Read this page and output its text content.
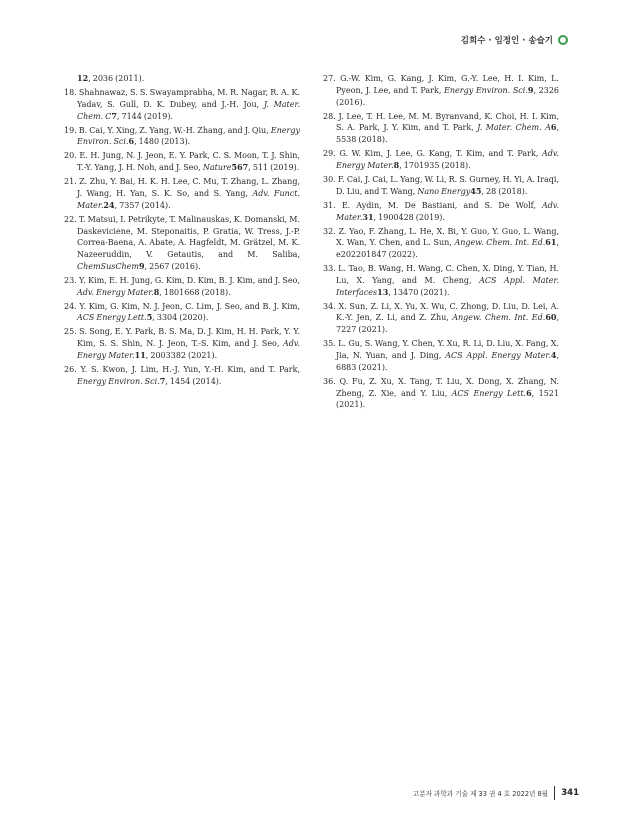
김희수 · 임정인 · 송슬기
12, 2036 (2011).
18. Shahnawaz, S. S. Swayamprabha, M. R. Nagar, R. A. K. Yadav, S. Gull, D. K. Dubey, and J.-H. Jou, J. Mater. Chem. C7, 7144 (2019).
19. B. Cai, Y. Xing, Z. Yang, W.-H. Zhang, and J. Qiu, Energy Environ. Sci.6, 1480 (2013).
20. E. H. Jung, N. J. Jeon, E. Y. Park, C. S. Moon, T. J. Shin, T.-Y. Yang, J. H. Noh, and J. Seo, Nature567, 511 (2019).
21. Z. Zhu, Y. Bai, H. K. H. Lee, C. Mu, T. Zhang, L. Zhang, J. Wang, H. Yan, S. K. So, and S. Yang, Adv. Funct. Mater.24, 7357 (2014).
22. T. Matsui, I. Petrikyte, T. Malinauskas, K. Domanski, M. Daskeviciene, M. Steponaitis, P. Gratia, W. Tress, J.-P. Correa-Baena, A. Abate, A. Hagfeldt, M. Grätzel, M. K. Nazeeruddin, V. Getautis, and M. Saliba, ChemSusChem9, 2567 (2016).
23. Y. Kim, E. H. Jung, G. Kim, D. Kim, B. J. Kim, and J. Seo, Adv. Energy Mater.8, 1801668 (2018).
24. Y. Kim, G. Kim, N. J. Jeon, C. Lim, J. Seo, and B. J. Kim, ACS Energy Lett.5, 3304 (2020).
25. S. Song, E. Y. Park, B. S. Ma, D. J. Kim, H. H. Park, Y. Y. Kim, S. S. Shin, N. J. Jeon, T.-S. Kim, and J. Seo, Adv. Energy Mater.11, 2003382 (2021).
26. Y. S. Kwon, J. Lim, H.-J. Yun, Y.-H. Kim, and T. Park, Energy Environ. Sci.7, 1454 (2014).
27. G.-W. Kim, G. Kang, J. Kim, G.-Y. Lee, H. I. Kim, L. Pyeon, J. Lee, and T. Park, Energy Environ. Sci.9, 2326 (2016).
28. J. Lee, T. H. Lee, M. M. Byranvand, K. Choi, H. I. Kim, S. A. Park, J. Y. Kim, and T. Park, J. Mater. Chem. A6, 5538 (2018).
29. G. W. Kim, J. Lee, G. Kang, T. Kim, and T. Park, Adv. Energy Mater.8, 1701935 (2018).
30. F. Cai, J. Cai, L. Yang, W. Li, R. S. Gurney, H. Yi, A. Iraqi, D. Liu, and T. Wang, Nano Energy45, 28 (2018).
31. E. Aydin, M. De Bastiani, and S. De Wolf, Adv. Mater.31, 1900428 (2019).
32. Z. Yao, F. Zhang, L. He, X. Bi, Y. Guo, Y. Guo, L. Wang, X. Wan, Y. Chen, and L. Sun, Angew. Chem. Int. Ed.61, e202201847 (2022).
33. L. Tao, B. Wang, H. Wang, C. Chen, X. Ding, Y. Tian, H. Lu, X. Yang, and M. Cheng, ACS Appl. Mater. Interfaces13, 13470 (2021).
34. X. Sun, Z. Li, X. Yu, X. Wu, C. Zhong, D. Liu, D. Lei, A. K.-Y. Jen, Z. Li, and Z. Zhu, Angew. Chem. Int. Ed.60, 7227 (2021).
35. L. Gu, S. Wang, Y. Chen, Y. Xu, R. Li, D. Liu, X. Fang, X. Jia, N. Yuan, and J. Ding, ACS Appl. Energy Mater.4, 6883 (2021).
36. Q. Fu, Z. Xu, X. Tang, T. Liu, X. Dong, X. Zhang, N. Zheng, Z. Xie, and Y. Liu, ACS Energy Lett.6, 1521 (2021).
고분자 과학과 기술 제 33 권 4 호 2022년 8월 341
